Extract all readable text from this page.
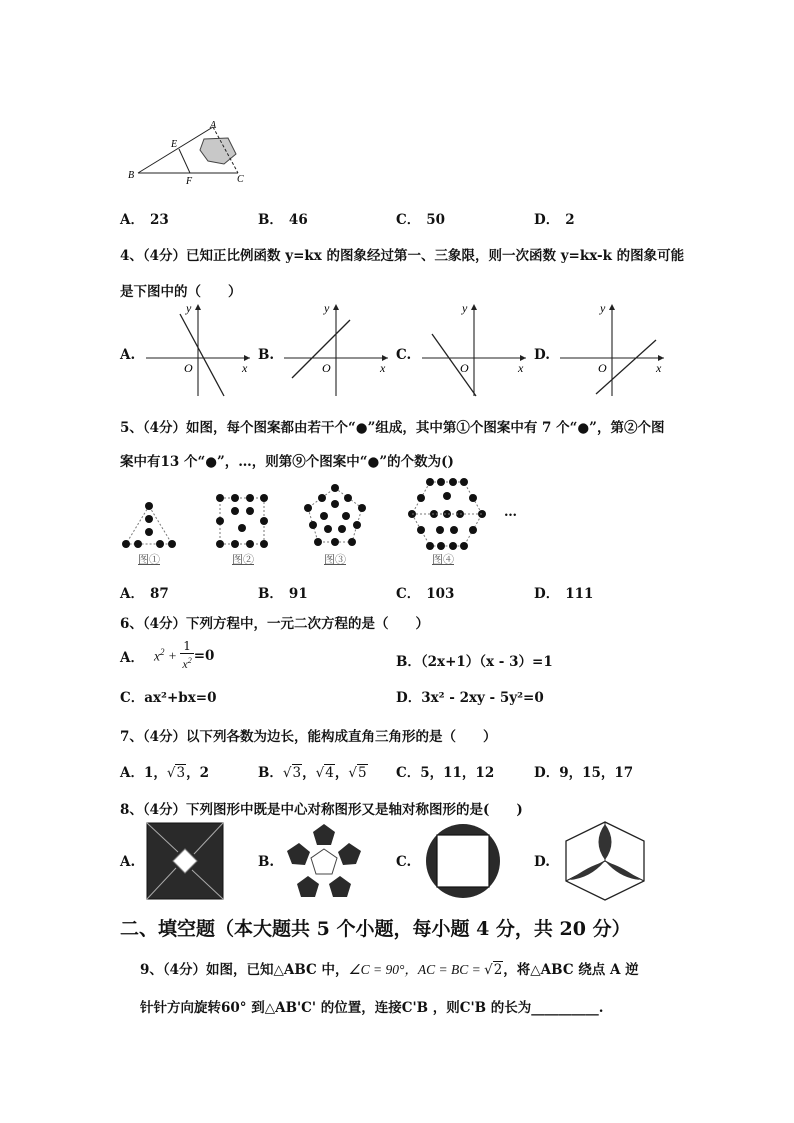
A
E
B
F	C
A． 23	B． 46	C． 50	D． 2
4、（4分）已知正比例函数 y=kx 的图象经过第一、三象限，则一次函数 y=kx-k 的图象可能
是下图中的（　　）
A.
y
x
O
B.
y
x
O
C.
y
x
O
D.
y
x
O
5、（4分）如图，每个图案都由若干个“●”组成，其中第①个图案中有 7 个“●”，第②个图
案中有13 个“●”，…，则第⑨个图案中“●”的个数为()
…
图①	图②	图③	图④
A． 87	B． 91	C． 103	D． 111
6、（4分）下列方程中，一元二次方程的是（　　）
A． $x^2 + \frac{1}{x^2} =0$	B．（2x+1）（x - 3）=1
C．ax²+bx=0	D．3x² - 2xy - 5y²=0
7、（4分）以下列各数为边长，能构成直角三角形的是（　　）
A．1，√3，2	B．√3，√4，√5 C．5，11，12	D．9，15，17
8、（4分）下列图形中既是中心对称图形又是轴对称图形的是(　　)
A.	B.	C.	D.
二、填空题（本大题共 5 个小题，每小题 4 分，共 20 分）
9、（4分）如图，已知△ABC 中，∠C = 90°，AC = BC = √2，将△ABC 绕点 A 逆
针针方向旋转60° 到△AB'C' 的位置，连接C'B ，则C'B 的长为__________.
